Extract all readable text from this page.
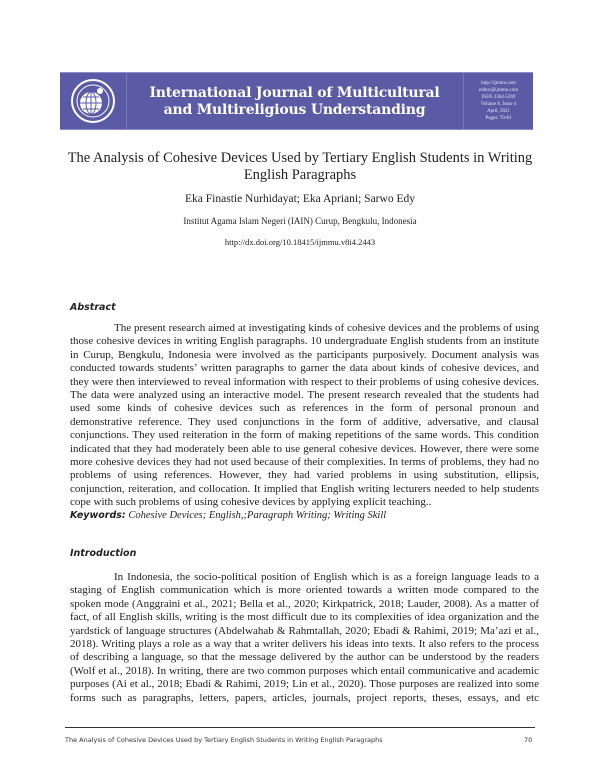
International Journal of Multicultural
and Multireligious Understanding
http://ijmmu.com
editor@ijmmu.com
ISSN 2364-5369
Volume 8, Issue 4
April, 2021
Pages: 70-81
The Analysis of Cohesive Devices Used by Tertiary English Students in Writing
English Paragraphs
Eka Finastie Nurhidayat; Eka Apriani; Sarwo Edy
Institut Agama Islam Negeri (IAIN) Curup, Bengkulu, Indonesia
http://dx.doi.org/10.18415/ijmmu.v8i4.2443
Abstract
The present research aimed at investigating kinds of cohesive devices and the problems of using
those cohesive devices in writing English paragraphs. 10 undergraduate English students from an institute
in Curup, Bengkulu, Indonesia were involved as the participants purposively. Document analysis was
conducted towards students’ written paragraphs to garner the data about kinds of cohesive devices, and
they were then interviewed to reveal information with respect to their problems of using cohesive devices.
The data were analyzed using an interactive model. The present research revealed that the students had
used some kinds of cohesive devices such as references in the form of personal pronoun and
demonstrative reference. They used conjunctions in the form of additive, adversative, and clausal
conjunctions. They used reiteration in the form of making repetitions of the same words. This condition
indicated that they had moderately been able to use general cohesive devices. However, there were some
more cohesive devices they had not used because of their complexities. In terms of problems, they had no
problems of using references. However, they had varied problems in using substitution, ellipsis,
conjunction, reiteration, and collocation. It implied that English writing lecturers needed to help students
cope with such problems of using cohesive devices by applying explicit teaching..
Keywords: Cohesive Devices; English,;Paragraph Writing; Writing Skill
Introduction
In Indonesia, the socio-political position of English which is as a foreign language leads to a
staging of English communication which is more oriented towards a written mode compared to the
spoken mode (Anggraini et al., 2021; Bella et al., 2020; Kirkpatrick, 2018; Lauder, 2008). As a matter of
fact, of all English skills, writing is the most difficult due to its complexities of idea organization and the
yardstick of language structures (Abdelwahab & Rahmtallah, 2020; Ebadi & Rahimi, 2019; Ma’azi et al.,
2018). Writing plays a role as a way that a writer delivers his ideas into texts. It also refers to the process
of describing a language, so that the message delivered by the author can be understood by the readers
(Wolf et al., 2018). In writing, there are two common purposes which entail communicative and academic
purposes (Ai et al., 2018; Ebadi & Rahimi, 2019; Lin et al., 2020). Those purposes are realized into some
forms such as paragraphs, letters, papers, articles, journals, project reports, theses, essays, and etc
The Analysis of Cohesive Devices Used by Tertiary English Students in Writing English Paragraphs	70
